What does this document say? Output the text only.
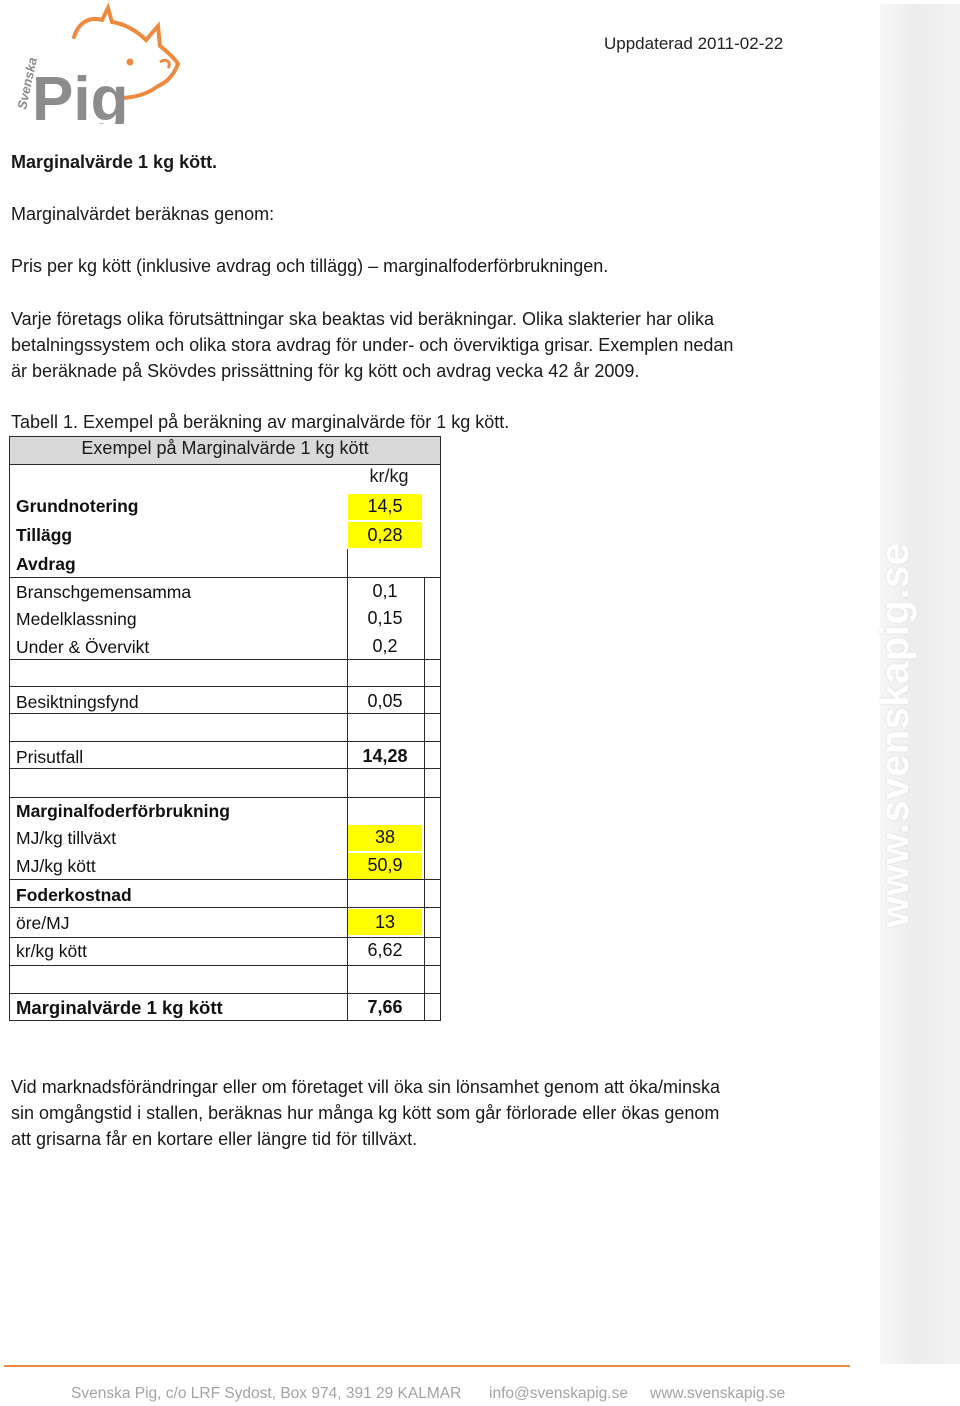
www.svenskapig.se
Pig
Svenska
Uppdaterad 2011-02-22
Marginalvärde 1 kg kött.
Marginalvärdet beräknas genom:
Pris per kg kött (inklusive avdrag och tillägg) – marginalfoderförbrukningen.
Varje företags olika förutsättningar ska beaktas vid beräkningar. Olika slakterier har olika
betalningssystem och olika stora avdrag för under- och överviktiga grisar. Exemplen nedan
är beräknade på Skövdes prissättning för kg kött och avdrag vecka 42 år 2009.
Tabell 1. Exempel på beräkning av marginalvärde för 1 kg kött.
Exempel på Marginalvärde 1 kg kött
kr/kg
Grundnotering	14,5
Tillägg	0,28
Avdrag
Branschgemensamma	0,1
Medelklassning	0,15
Under & Övervikt	0,2
Besiktningsfynd	0,05
Prisutfall	14,28
Marginalfoderförbrukning
MJ/kg tillväxt	38
MJ/kg kött	50,9
Foderkostnad
öre/MJ	13
kr/kg kött	6,62
Marginalvärde 1 kg kött	7,66
Vid marknadsförändringar eller om företaget vill öka sin lönsamhet genom att öka/minska
sin omgångstid i stallen, beräknas hur många kg kött som går förlorade eller ökas genom
att grisarna får en kortare eller längre tid för tillväxt.
Svenska Pig, c/o LRF Sydost, Box 974, 391 29 KALMAR info@svenskapig.se www.svenskapig.se
